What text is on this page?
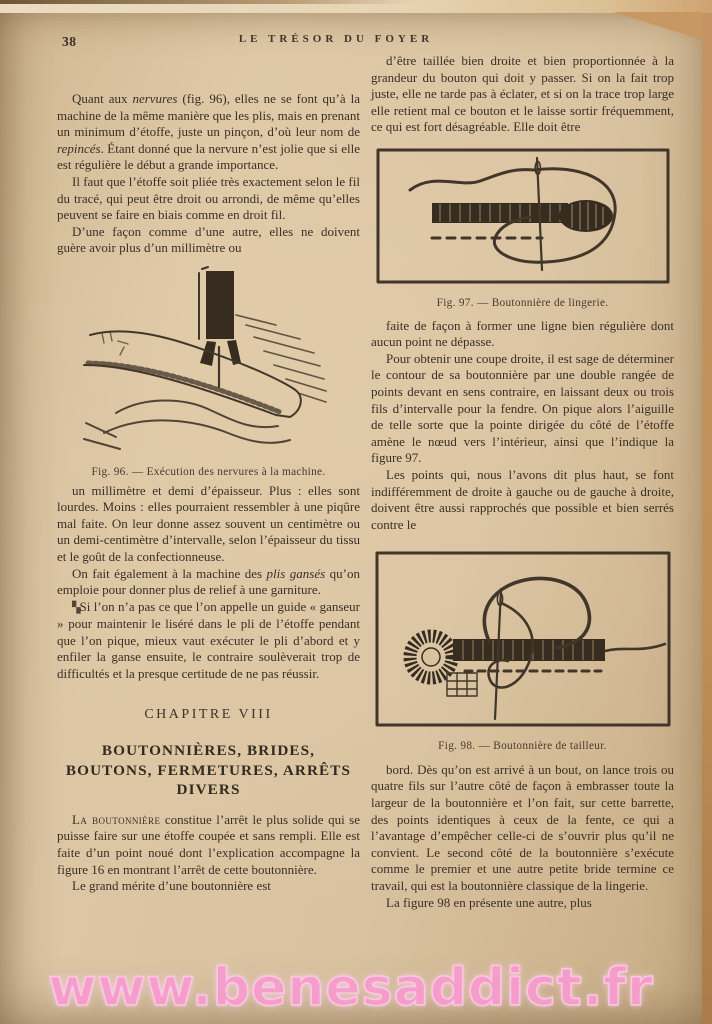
38	LE TRÉSOR DU FOYER

Quant aux nervures (fig. 96), elles ne se font qu’à la machine de la même manière que les plis, mais en prenant un minimum d’étoffe, juste un pinçon, d’où leur nom de repincés. Étant donné que la nervure n’est jolie que si elle est régulière le début a grande importance.

Il faut que l’étoffe soit pliée très exactement selon le fil du tracé, qui peut être droit ou arrondi, de même qu’elles peuvent se faire en biais comme en droit fil.

D’une façon comme d’une autre, elles ne doivent guère avoir plus d’un millimètre ou

Fig. 96. — Exécution des nervures à la machine.

un millimètre et demi d’épaisseur. Plus : elles sont lourdes. Moins : elles pourraient ressembler à une piqûre mal faite. On leur donne assez souvent un centimètre ou un demi-centimètre d’intervalle, selon l’épaisseur du tissu et le goût de la confectionneuse.

On fait également à la machine des plis gansés qu’on emploie pour donner plus de relief à une garniture.

▚Si l’on n’a pas ce que l’on appelle un guide « ganseur » pour maintenir le liséré dans le pli de l’étoffe pendant que l’on pique, mieux vaut exécuter le pli d’abord et y enfiler la ganse ensuite, le contraire soulèverait trop de difficultés et la presque certitude de ne pas réussir.

CHAPITRE VIII
BOUTONNIÈRES, BRIDES, BOUTONS, FERMETURES, ARRÊTS DIVERS

La boutonnière constitue l’arrêt le plus solide qui se puisse faire sur une étoffe coupée et sans rempli. Elle est faite d’un point noué dont l’explication accompagne la figure 16 en montrant l’arrêt de cette boutonnière.

Le grand mérite d’une boutonnière est

d’être taillée bien droite et bien proportionnée à la grandeur du bouton qui doit y passer. Si on la fait trop juste, elle ne tarde pas à éclater, et si on la trace trop large elle retient mal ce bouton et le laisse sortir fréquemment, ce qui est fort désagréable. Elle doit être

Fig. 97. — Boutonnière de lingerie.

faite de façon à former une ligne bien régulière dont aucun point ne dépasse.

Pour obtenir une coupe droite, il est sage de déterminer le contour de sa boutonnière par une double rangée de points devant en sens contraire, en laissant deux ou trois fils d’intervalle pour la fendre. On pique alors l’aiguille de telle sorte que la pointe dirigée du côté de l’étoffe amène le nœud vers l’intérieur, ainsi que l’indique la figure 97.

Les points qui, nous l’avons dit plus haut, se font indifféremment de droite à gauche ou de gauche à droite, doivent être aussi rapprochés que possible et bien serrés contre le

Fig. 98. — Boutonnière de tailleur.

bord. Dès qu’on est arrivé à un bout, on lance trois ou quatre fils sur l’autre côté de façon à embrasser toute la largeur de la boutonnière et l’on fait, sur cette barrette, des points identiques à ceux de la fente, ce qui a l’avantage d’empêcher celle-ci de s’ouvrir plus qu’il ne convient. Le second côté de la boutonnière s’exécute comme le premier et une autre petite bride termine ce travail, qui est la boutonnière classique de la lingerie.

La figure 98 en présente une autre, plus

www.benesaddict.fr
